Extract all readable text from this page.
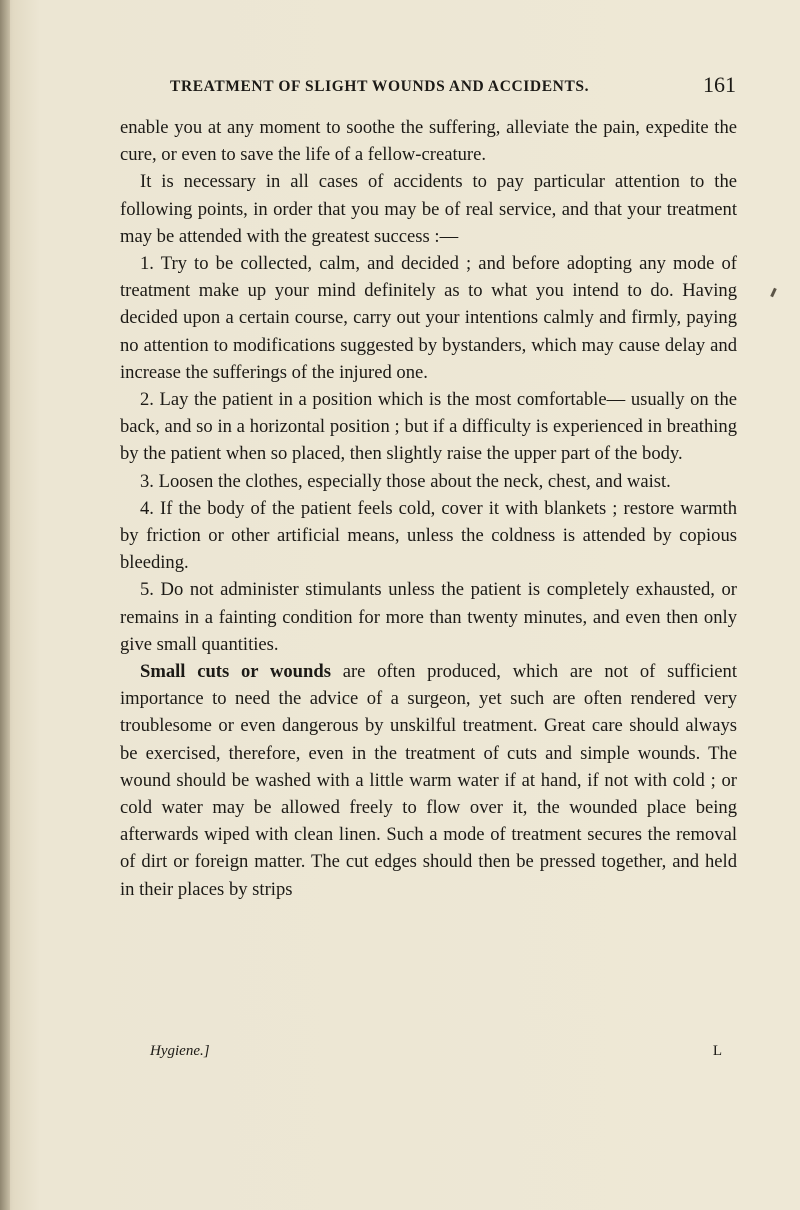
TREATMENT OF SLIGHT WOUNDS AND ACCIDENTS.	161

enable you at any moment to soothe the suffering, alleviate the pain, expedite the cure, or even to save the life of a fellow-creature.

It is necessary in all cases of accidents to pay particular attention to the following points, in order that you may be of real service, and that your treatment may be attended with the greatest success :—

1. Try to be collected, calm, and decided ; and before adopting any mode of treatment make up your mind definitely as to what you intend to do. Having decided upon a certain course, carry out your intentions calmly and firmly, paying no attention to modifications suggested by bystanders, which may cause delay and increase the sufferings of the injured one.

2. Lay the patient in a position which is the most comfortable— usually on the back, and so in a horizontal position ; but if a difficulty is experienced in breathing by the patient when so placed, then slightly raise the upper part of the body.

3. Loosen the clothes, especially those about the neck, chest, and waist.

4. If the body of the patient feels cold, cover it with blankets ; restore warmth by friction or other artificial means, unless the coldness is attended by copious bleeding.

5. Do not administer stimulants unless the patient is completely exhausted, or remains in a fainting condition for more than twenty minutes, and even then only give small quantities.

Small cuts or wounds are often produced, which are not of sufficient importance to need the advice of a surgeon, yet such are often rendered very troublesome or even dangerous by unskilful treatment. Great care should always be exercised, therefore, even in the treatment of cuts and simple wounds. The wound should be washed with a little warm water if at hand, if not with cold ; or cold water may be allowed freely to flow over it, the wounded place being afterwards wiped with clean linen. Such a mode of treatment secures the removal of dirt or foreign matter. The cut edges should then be pressed together, and held in their places by strips

Hygiene.]	L
